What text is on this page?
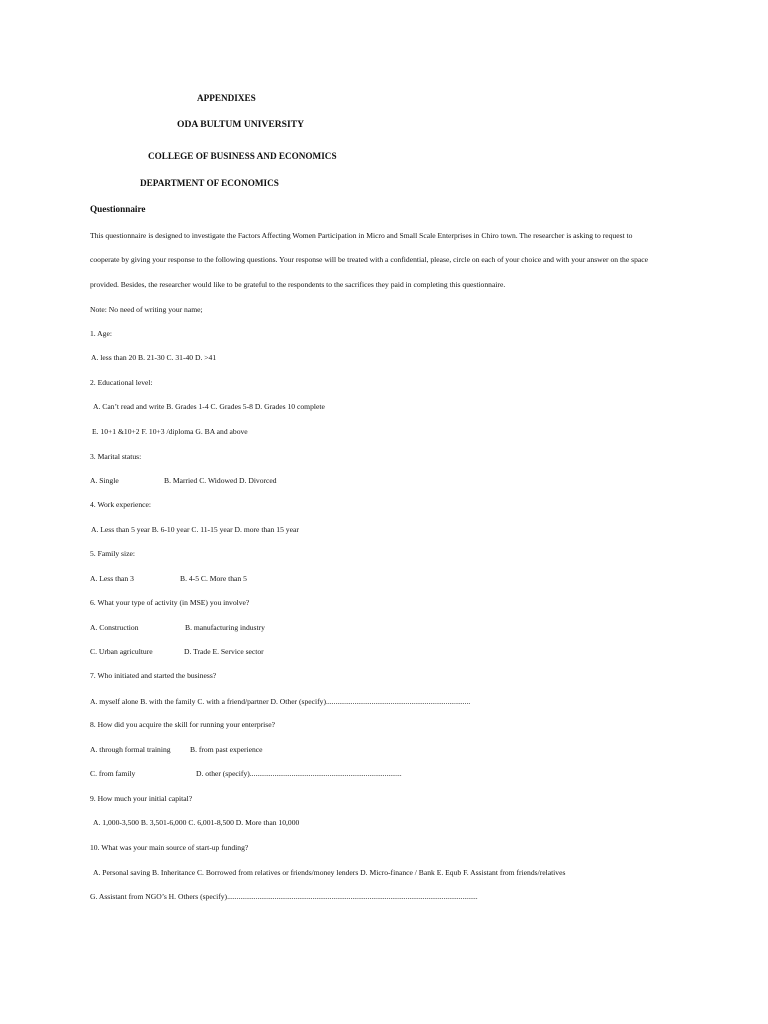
APPENDIXES
ODA BULTUM UNIVERSITY
COLLEGE OF BUSINESS AND ECONOMICS
DEPARTMENT OF ECONOMICS
Questionnaire
This questionnaire is designed to investigate the Factors Affecting Women Participation in Micro and Small Scale Enterprises in Chiro town. The researcher is asking to request to
cooperate by giving your response to the following questions. Your response will be treated with a confidential, please, circle on each of your choice and with your answer on the space
provided. Besides, the researcher would like to be grateful to the respondents to the sacrifices they paid in completing this questionnaire.
Note: No need of writing your name;
1. Age:
A. less than 20 B. 21-30 C. 31-40 D. >41
2. Educational level:
A. Can’t read and write B. Grades 1-4 C. Grades 5-8 D. Grades 10 complete
E. 10+1 &10+2 F. 10+3 /diploma G. BA and above
3. Marital status:
A. Single	B. Married C. Widowed D. Divorced
4. Work experience:
A. Less than 5 year B. 6-10 year C. 11-15 year D. more than 15 year
5. Family size:
A. Less than 3	B. 4-5 C. More than 5
6. What your type of activity (in MSE) you involve?
A. Construction	B. manufacturing industry
C. Urban agriculture	D. Trade E. Service sector
7. Who initiated and started the business?
A. myself alone B. with the family C. with a friend/partner D. Other (specify)............................................................................
8. How did you acquire the skill for running your enterprise?
A. through formal training	B. from past experience
C. from family	D. other (specify)................................................................................
9. How much your initial capital?
A. 1,000-3,500 B. 3,501-6,000 C. 6,001-8,500 D. More than 10,000
10. What was your main source of start-up funding?
A. Personal saving B. Inheritance C. Borrowed from relatives or friends/money lenders D. Micro-finance / Bank E. Equb F. Assistant from friends/relatives
G. Assistant from NGO’s H. Others (specify)....................................................................................................................................
